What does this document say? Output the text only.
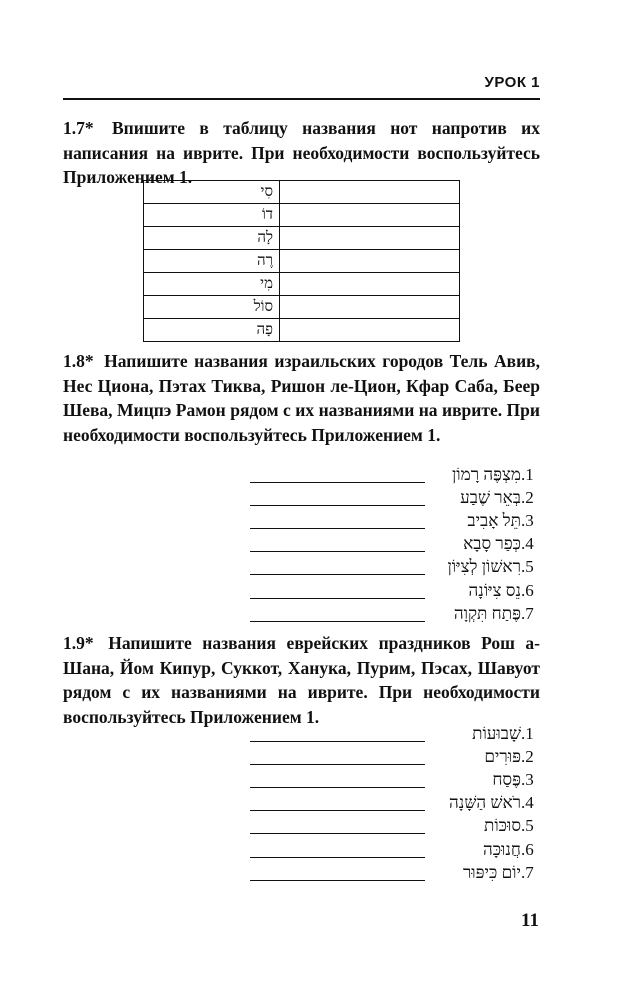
УРОК 1
1.7* Впишите в таблицу названия нот напротив их написания на иврите. При необходимости воспользуйтесь Приложением 1.
סִי	
דוֹ	
לָה	
רֶה	
מִי	
סוֹל	
פָה	
1.8* Напишите названия израильских городов Тель Авив, Нес Циона, Пэтах Тиква, Ришон ле-Цион, Кфар Саба, Беер Шева, Мицпэ Рамон рядом с их названиями на иврите. При необходимости воспользуйтесь Приложением 1.
מִצְפֶּה רָמוֹן .1
בְּאֵר שֶׁבַע .2
תֵּל אָבִיב .3
כְּפַר סָבָא .4
רִאשׁוֹן לְצִיּוֹן .5
נֵס צִיּוֹנָה .6
פֶּתַח תִּקְוָה .7
1.9* Напишите названия еврейских праздников Рош а-Шана, Йом Кипур, Суккот, Ханука, Пурим, Пэсах, Шавуот рядом с их названиями на иврите. При необходимости воспользуйтесь Приложением 1.
שָׁבוּעוֹת .1
פּוּרִים .2
פֶּסַח .3
רֹאשׁ הַשָּׁנָה .4
סוּכּוֹת .5
חֲנוּכָּה .6
יוֹם כִּיפּוּר .7
11
